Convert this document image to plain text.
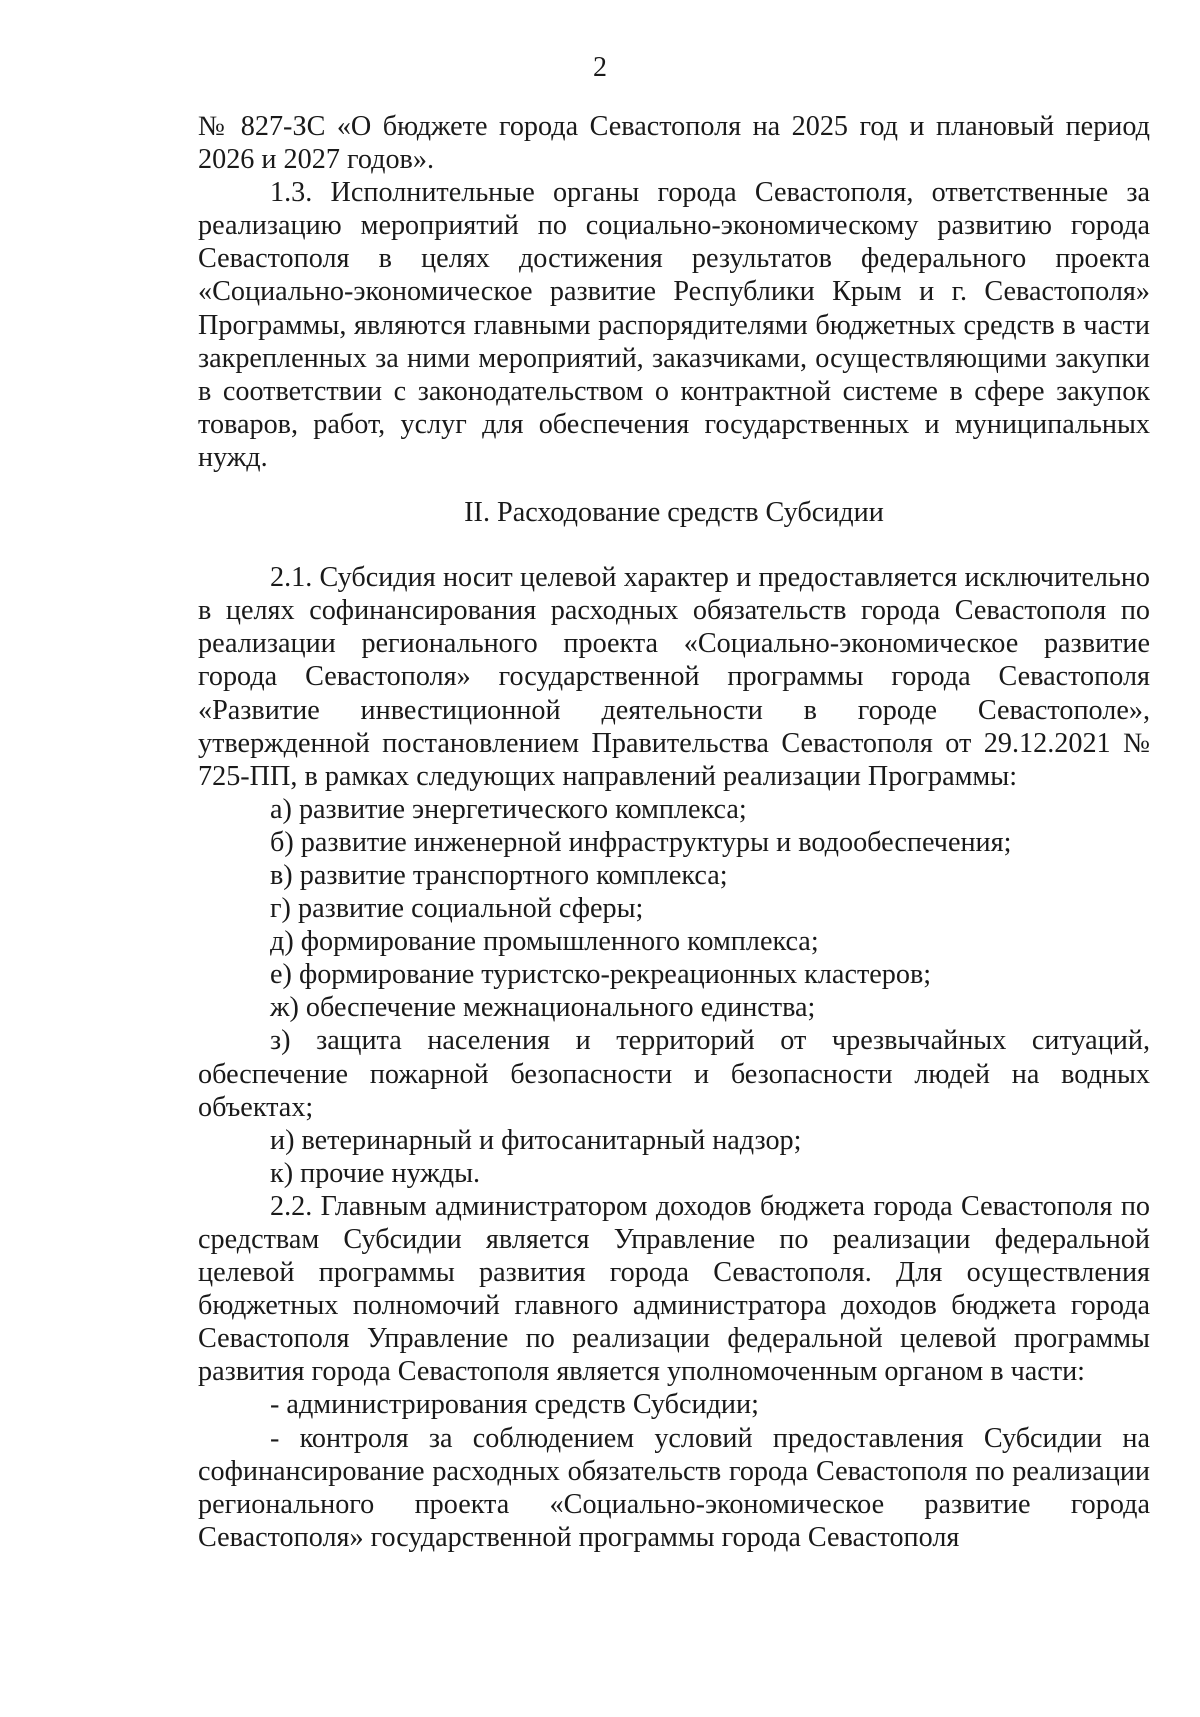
2

№ 827-ЗС «О бюджете города Севастополя на 2025 год и плановый период 2026 и 2027 годов».

1.3. Исполнительные органы города Севастополя, ответственные за реализацию мероприятий по социально-экономическому развитию города Севастополя в целях достижения результатов федерального проекта «Социально-экономическое развитие Республики Крым и г. Севастополя» Программы, являются главными распорядителями бюджетных средств в части закрепленных за ними мероприятий, заказчиками, осуществляющими закупки в соответствии с законодательством о контрактной системе в сфере закупок товаров, работ, услуг для обеспечения государственных и муниципальных нужд.

II. Расходование средств Субсидии

2.1. Субсидия носит целевой характер и предоставляется исключительно в целях софинансирования расходных обязательств города Севастополя по реализации регионального проекта «Социально-экономическое развитие города Севастополя» государственной программы города Севастополя «Развитие инвестиционной деятельности в городе Севастополе», утвержденной постановлением Правительства Севастополя от 29.12.2021 № 725-ПП, в рамках следующих направлений реализации Программы:

а) развитие энергетического комплекса;

б) развитие инженерной инфраструктуры и водообеспечения;

в) развитие транспортного комплекса;

г) развитие социальной сферы;

д) формирование промышленного комплекса;

е) формирование туристско-рекреационных кластеров;

ж) обеспечение межнационального единства;

з) защита населения и территорий от чрезвычайных ситуаций, обеспечение пожарной безопасности и безопасности людей на водных объектах;

и) ветеринарный и фитосанитарный надзор;

к) прочие нужды.

2.2. Главным администратором доходов бюджета города Севастополя по средствам Субсидии является Управление по реализации федеральной целевой программы развития города Севастополя. Для осуществления бюджетных полномочий главного администратора доходов бюджета города Севастополя Управление по реализации федеральной целевой программы развития города Севастополя является уполномоченным органом в части:

- администрирования средств Субсидии;

- контроля за соблюдением условий предоставления Субсидии на софинансирование расходных обязательств города Севастополя по реализации регионального проекта «Социально-экономическое развитие города Севастополя» государственной программы города Севастополя
